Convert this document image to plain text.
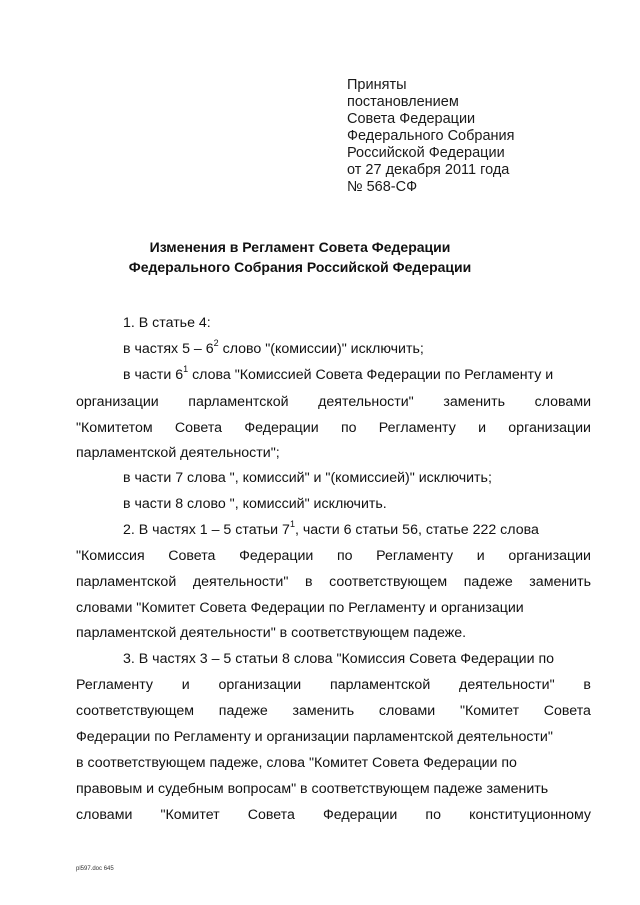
Приняты
постановлением
Совета Федерации
Федерального Собрания
Российской Федерации
от 27 декабря 2011 года
№ 568-СФ
Изменения в Регламент Совета Федерации
Федерального Собрания Российской Федерации
1. В статье 4:
в частях $5 - 6^2$ слово "(комиссии)" исключить;
в части $6^1$ слова "Комиссией Совета Федерации по Регламенту и
организации парламентской деятельности" заменить словами
"Комитетом Совета Федерации по Регламенту и организации
парламентской деятельности";
в части 7 слова ", комиссий" и "(комиссией)" исключить;
в части 8 слово ", комиссий" исключить.
2. В частях 1 – 5 статьи $7^1$, части 6 статьи 56, статье 222 слова
"Комиссия Совета Федерации по Регламенту и организации
парламентской деятельности" в соответствующем падеже заменить
словами "Комитет Совета Федерации по Регламенту и организации
парламентской деятельности" в соответствующем падеже.
3. В частях 3 – 5 статьи 8 слова "Комиссия Совета Федерации по
Регламенту и организации парламентской деятельности" в
соответствующем падеже заменить словами "Комитет Совета
Федерации по Регламенту и организации парламентской деятельности"
в соответствующем падеже, слова "Комитет Совета Федерации по
правовым и судебным вопросам" в соответствующем падеже заменить
словами "Комитет Совета Федерации по конституционному
pl597.doc 645
